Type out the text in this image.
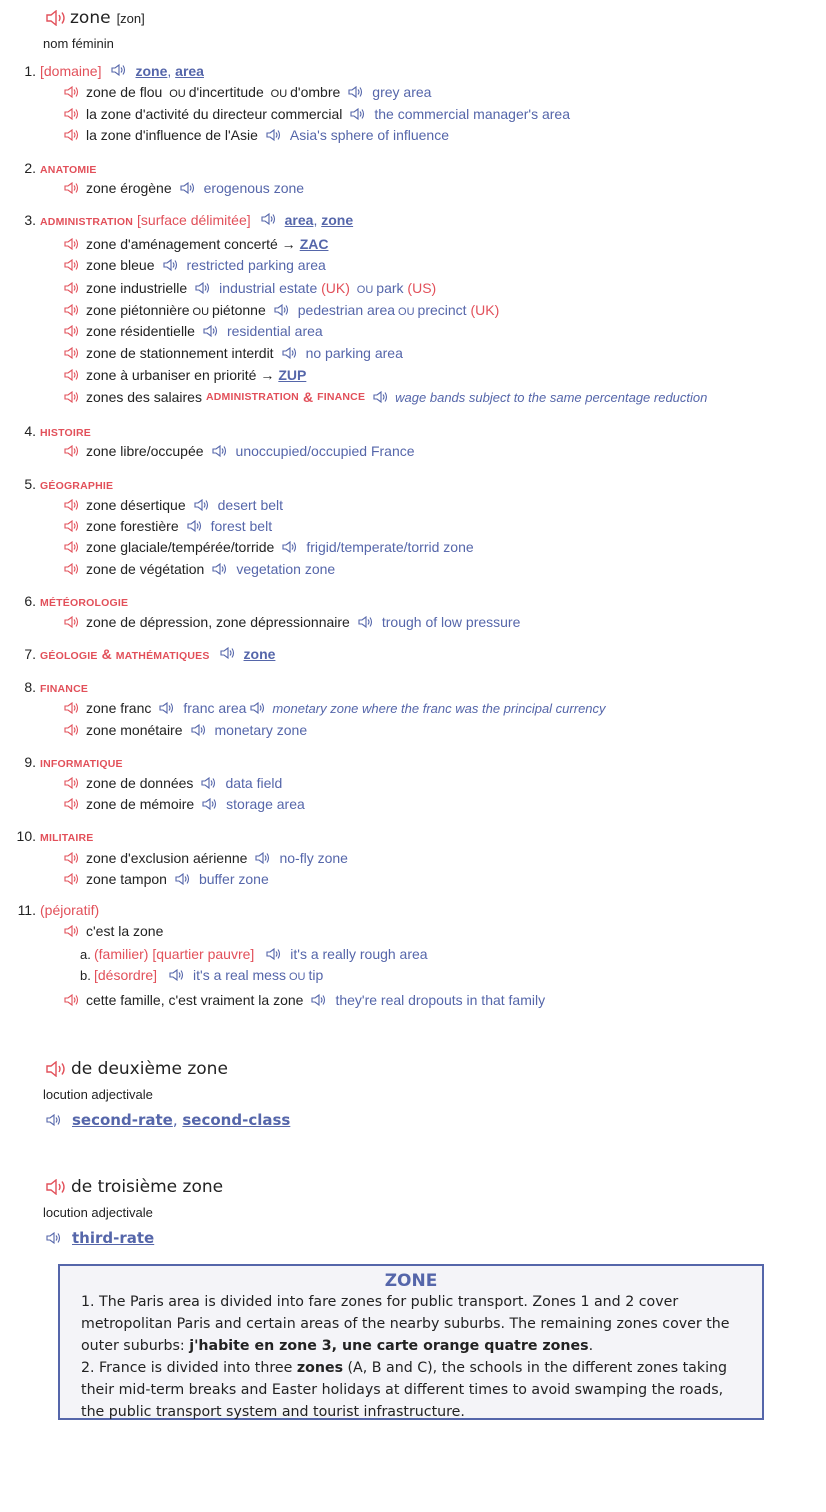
zone [zon]
nom féminin
1. [domaine] zone , area
zone de flou OU d'incertitude OU d'ombre grey area
la zone d'activité du directeur commercial the commercial manager's area
la zone d'influence de l'Asie Asia's sphere of influence
2. ANATOMIE
zone érogène erogenous zone
3. ADMINISTRATION [surface délimitée] area , zone
zone d'aménagement concerté → ZAC
zone bleue restricted parking area
zone industrielle industrial estate (UK) OU park (US)
zone piétonnière OU piétonne pedestrian area OU precinct (UK)
zone résidentielle residential area
zone de stationnement interdit no parking area
zone à urbaniser en priorité → ZUP
zones des salaires ADMINISTRATION & FINANCE wage bands subject to the same percentage reduction
4. HISTOIRE
zone libre/occupée unoccupied/occupied France
5. GÉOGRAPHIE
zone désertique desert belt
zone forestière forest belt
zone glaciale/tempérée/torride frigid/temperate/torrid zone
zone de végétation vegetation zone
6. MÉTÉOROLOGIE
zone de dépression, zone dépressionnaire trough of low pressure
7. GÉOLOGIE & MATHÉMATIQUES zone
8. FINANCE
zone franc franc area monetary zone where the franc was the principal currency
zone monétaire monetary zone
9. INFORMATIQUE
zone de données data field
zone de mémoire storage area
10. MILITAIRE
zone d'exclusion aérienne no-fly zone
zone tampon buffer zone
11. (péjoratif)
c'est la zone
a. (familier) [quartier pauvre]	it's a really rough area
b. [désordre]	it's a real mess OU tip
cette famille, c'est vraiment la zone they're real dropouts in that family
de deuxième zone
locution adjectivale
second-rate ,
second-class
de troisième zone
locution adjectivale
third-rate
ZONE
1. The Paris area is divided into fare zones for public transport. Zones 1 and 2 cover metropolitan Paris and certain areas of the nearby suburbs. The remaining zones cover the outer suburbs: j'habite en zone 3, une carte orange quatre zones.
2. France is divided into three zones (A, B and C), the schools in the different zones taking their mid-term breaks and Easter holidays at different times to avoid swamping the roads, the public transport system and tourist infrastructure.
